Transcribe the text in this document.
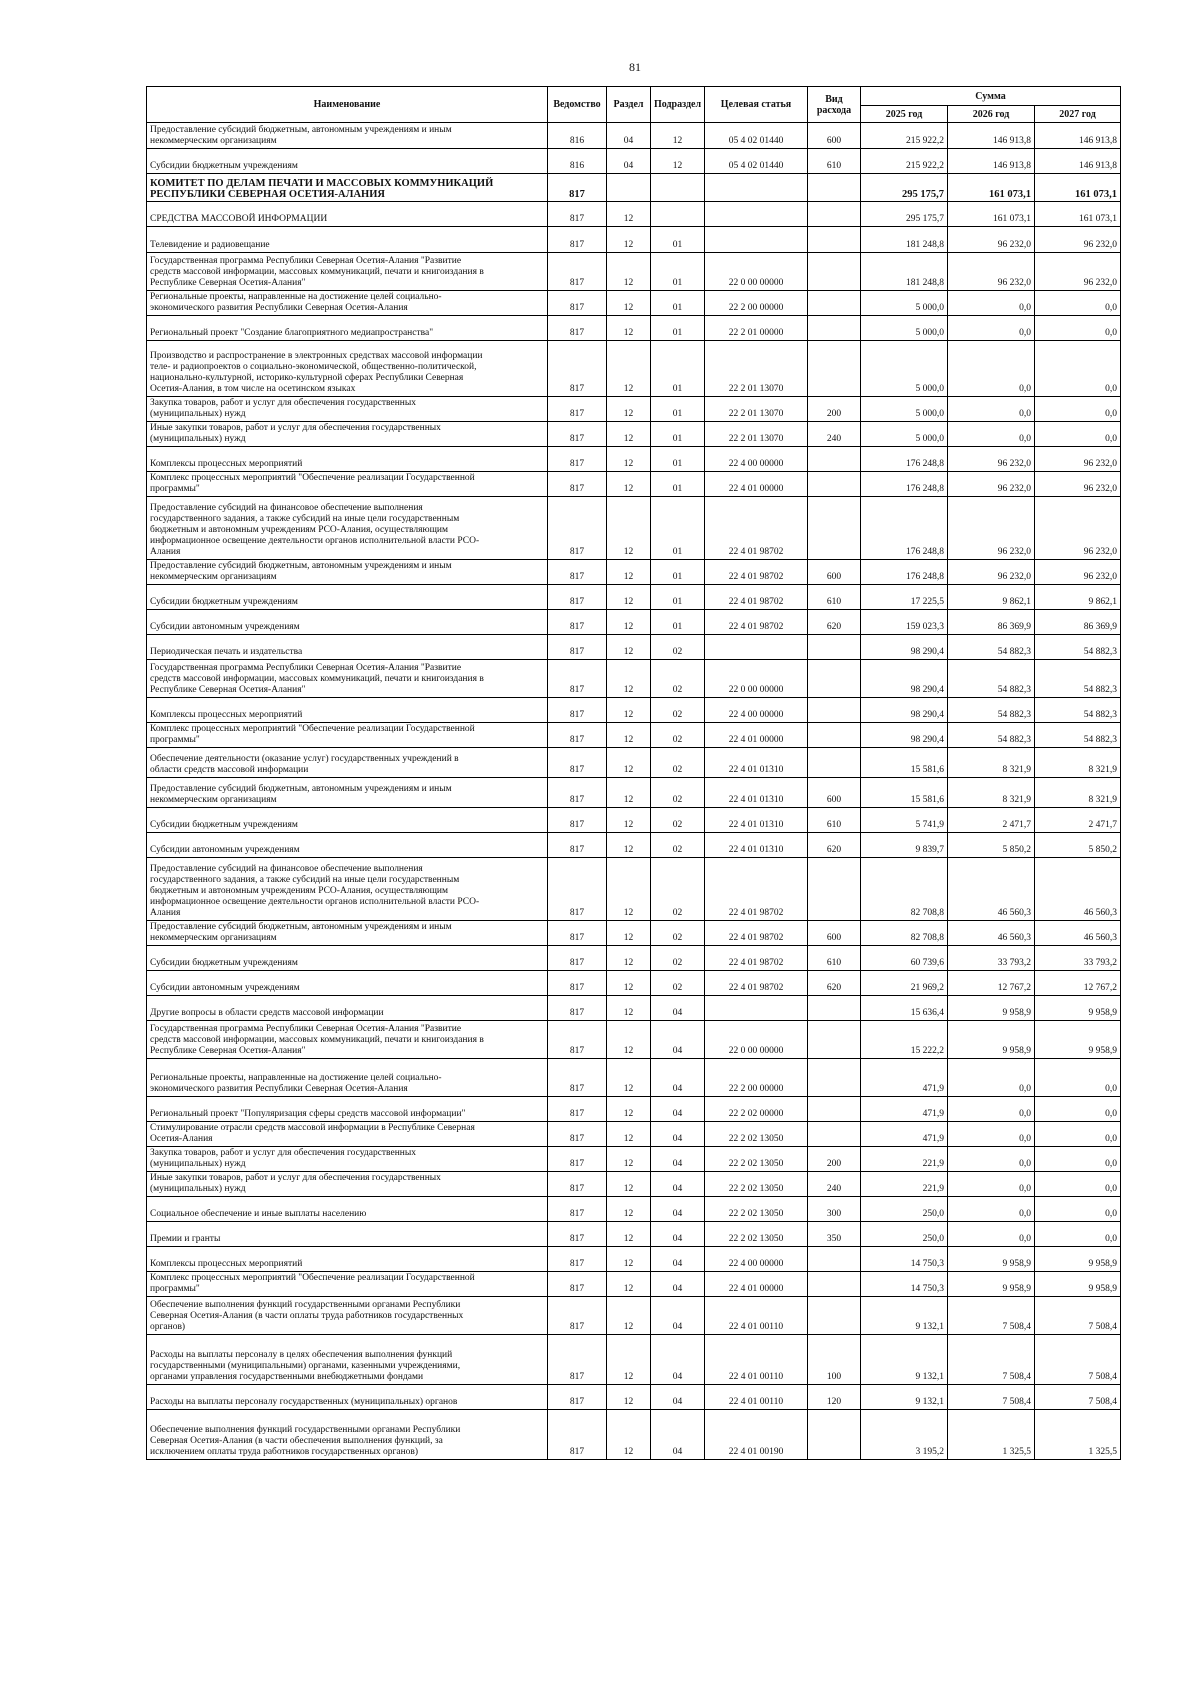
81
Наименование	Ведомство	Раздел	Подраздел	Целевая статья	Вид расхода	Сумма		
						2025 год	2026 год	2027 год
Предоставление субсидий бюджетным, автономным учреждениям и иным
некоммерческим организациям	816	04	12	05 4 02 01440	600	215 922,2	146 913,8	146 913,8
Субсидии бюджетным учреждениям	816	04	12	05 4 02 01440	610	215 922,2	146 913,8	146 913,8
КОМИТЕТ ПО ДЕЛАМ ПЕЧАТИ И МАССОВЫХ КОММУНИКАЦИЙ
РЕСПУБЛИКИ СЕВЕРНАЯ ОСЕТИЯ-АЛАНИЯ	817					295 175,7	161 073,1	161 073,1
СРЕДСТВА МАССОВОЙ ИНФОРМАЦИИ	817	12				295 175,7	161 073,1	161 073,1
Телевидение и радиовещание	817	12	01			181 248,8	96 232,0	96 232,0
Государственная программа Республики Северная Осетия-Алания "Развитие
средств массовой информации, массовых коммуникаций, печати и книгоиздания в
Республике Северная Осетия-Алания"	817	12	01	22 0 00 00000		181 248,8	96 232,0	96 232,0
Региональные проекты, направленные на достижение целей социально-
экономического развития Республики Северная Осетия-Алания	817	12	01	22 2 00 00000		5 000,0	0,0	0,0
Региональный проект "Создание благоприятного медиапространства"	817	12	01	22 2 01 00000		5 000,0	0,0	0,0
Производство и распространение в электронных средствах массовой информации
теле- и радиопроектов о социально-экономической, общественно-политической,
национально-культурной, историко-культурной сферах Республики Северная
Осетия-Алания, в том числе на осетинском языках	817	12	01	22 2 01 13070		5 000,0	0,0	0,0
Закупка товаров, работ и услуг для обеспечения государственных
(муниципальных) нужд	817	12	01	22 2 01 13070	200	5 000,0	0,0	0,0
Иные закупки товаров, работ и услуг для обеспечения государственных
(муниципальных) нужд	817	12	01	22 2 01 13070	240	5 000,0	0,0	0,0
Комплексы процессных мероприятий	817	12	01	22 4 00 00000		176 248,8	96 232,0	96 232,0
Комплекс процессных мероприятий "Обеспечение реализации Государственной
программы"	817	12	01	22 4 01 00000		176 248,8	96 232,0	96 232,0
Предоставление субсидий на финансовое обеспечение выполнения
государственного задания, а также субсидий на иные цели государственным
бюджетным и автономным учреждениям РСО-Алания, осуществляющим
информационное освещение деятельности органов исполнительной власти РСО-
Алания	817	12	01	22 4 01 98702		176 248,8	96 232,0	96 232,0
Предоставление субсидий бюджетным, автономным учреждениям и иным
некоммерческим организациям	817	12	01	22 4 01 98702	600	176 248,8	96 232,0	96 232,0
Субсидии бюджетным учреждениям	817	12	01	22 4 01 98702	610	17 225,5	9 862,1	9 862,1
Субсидии автономным учреждениям	817	12	01	22 4 01 98702	620	159 023,3	86 369,9	86 369,9
Периодическая печать и издательства	817	12	02			98 290,4	54 882,3	54 882,3
Государственная программа Республики Северная Осетия-Алания "Развитие
средств массовой информации, массовых коммуникаций, печати и книгоиздания в
Республике Северная Осетия-Алания"	817	12	02	22 0 00 00000		98 290,4	54 882,3	54 882,3
Комплексы процессных мероприятий	817	12	02	22 4 00 00000		98 290,4	54 882,3	54 882,3
Комплекс процессных мероприятий "Обеспечение реализации Государственной
программы"	817	12	02	22 4 01 00000		98 290,4	54 882,3	54 882,3
Обеспечение деятельности (оказание услуг) государственных учреждений в
области средств массовой информации	817	12	02	22 4 01 01310		15 581,6	8 321,9	8 321,9
Предоставление субсидий бюджетным, автономным учреждениям и иным
некоммерческим организациям	817	12	02	22 4 01 01310	600	15 581,6	8 321,9	8 321,9
Субсидии бюджетным учреждениям	817	12	02	22 4 01 01310	610	5 741,9	2 471,7	2 471,7
Субсидии автономным учреждениям	817	12	02	22 4 01 01310	620	9 839,7	5 850,2	5 850,2
Предоставление субсидий на финансовое обеспечение выполнения
государственного задания, а также субсидий на иные цели государственным
бюджетным и автономным учреждениям РСО-Алания, осуществляющим
информационное освещение деятельности органов исполнительной власти РСО-
Алания	817	12	02	22 4 01 98702		82 708,8	46 560,3	46 560,3
Предоставление субсидий бюджетным, автономным учреждениям и иным
некоммерческим организациям	817	12	02	22 4 01 98702	600	82 708,8	46 560,3	46 560,3
Субсидии бюджетным учреждениям	817	12	02	22 4 01 98702	610	60 739,6	33 793,2	33 793,2
Субсидии автономным учреждениям	817	12	02	22 4 01 98702	620	21 969,2	12 767,2	12 767,2
Другие вопросы в области средств массовой информации	817	12	04			15 636,4	9 958,9	9 958,9
Государственная программа Республики Северная Осетия-Алания "Развитие
средств массовой информации, массовых коммуникаций, печати и книгоиздания в
Республике Северная Осетия-Алания"	817	12	04	22 0 00 00000		15 222,2	9 958,9	9 958,9
Региональные проекты, направленные на достижение целей социально-
экономического развития Республики Северная Осетия-Алания	817	12	04	22 2 00 00000		471,9	0,0	0,0
Региональный проект "Популяризация сферы средств массовой информации"	817	12	04	22 2 02 00000		471,9	0,0	0,0
Стимулирование отрасли средств массовой информации в Республике Северная
Осетия-Алания	817	12	04	22 2 02 13050		471,9	0,0	0,0
Закупка товаров, работ и услуг для обеспечения государственных
(муниципальных) нужд	817	12	04	22 2 02 13050	200	221,9	0,0	0,0
Иные закупки товаров, работ и услуг для обеспечения государственных
(муниципальных) нужд	817	12	04	22 2 02 13050	240	221,9	0,0	0,0
Социальное обеспечение и иные выплаты населению	817	12	04	22 2 02 13050	300	250,0	0,0	0,0
Премии и гранты	817	12	04	22 2 02 13050	350	250,0	0,0	0,0
Комплексы процессных мероприятий	817	12	04	22 4 00 00000		14 750,3	9 958,9	9 958,9
Комплекс процессных мероприятий "Обеспечение реализации Государственной
программы"	817	12	04	22 4 01 00000		14 750,3	9 958,9	9 958,9
Обеспечение выполнения функций государственными органами Республики
Северная Осетия-Алания (в части оплаты труда работников государственных
органов)	817	12	04	22 4 01 00110		9 132,1	7 508,4	7 508,4
Расходы на выплаты персоналу в целях обеспечения выполнения функций
государственными (муниципальными) органами, казенными учреждениями,
органами управления государственными внебюджетными фондами	817	12	04	22 4 01 00110	100	9 132,1	7 508,4	7 508,4
Расходы на выплаты персоналу государственных (муниципальных) органов	817	12	04	22 4 01 00110	120	9 132,1	7 508,4	7 508,4
Обеспечение выполнения функций государственными органами Республики
Северная Осетия-Алания (в части обеспечения выполнения функций, за
исключением оплаты труда работников государственных органов)	817	12	04	22 4 01 00190		3 195,2	1 325,5	1 325,5
